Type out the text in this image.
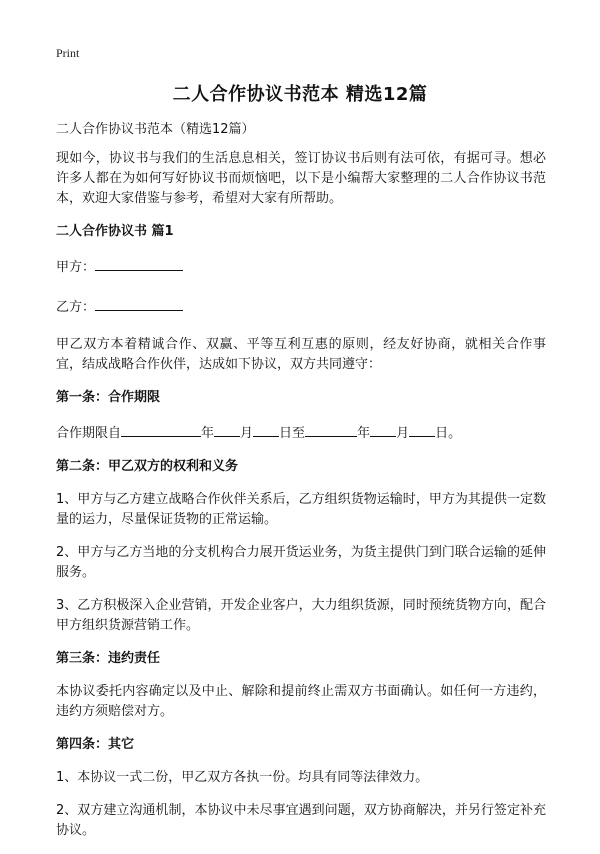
Print
二人合作协议书范本 精选12篇

二人合作协议书范本（精选12篇）

现如今，协议书与我们的生活息息相关，签订协议书后则有法可依，有据可寻。想必许多人都在为如何写好协议书而烦恼吧，以下是小编帮大家整理的二人合作协议书范本，欢迎大家借鉴与参考，希望对大家有所帮助。

二人合作协议书 篇1

甲方：

乙方：

甲乙双方本着精诚合作、双赢、平等互利互惠的原则，经友好协商，就相关合作事宜，结成战略合作伙伴，达成如下协议，双方共同遵守：

第一条：合作期限

合作期限自	年 月 日至	年 月 日。

第二条：甲乙双方的权利和义务

1、甲方与乙方建立战略合作伙伴关系后，乙方组织货物运输时，甲方为其提供一定数量的运力，尽量保证货物的正常运输。

2、甲方与乙方当地的分支机构合力展开货运业务，为货主提供门到门联合运输的延伸服务。

3、乙方积极深入企业营销，开发企业客户，大力组织货源，同时预统货物方向，配合甲方组织货源营销工作。

第三条：违约责任

本协议委托内容确定以及中止、解除和提前终止需双方书面确认。如任何一方违约，违约方须赔偿对方。

第四条：其它

1、本协议一式二份，甲乙双方各执一份。均具有同等法律效力。

2、双方建立沟通机制，本协议中未尽事宜遇到问题，双方协商解决，并另行签定补充协议。
